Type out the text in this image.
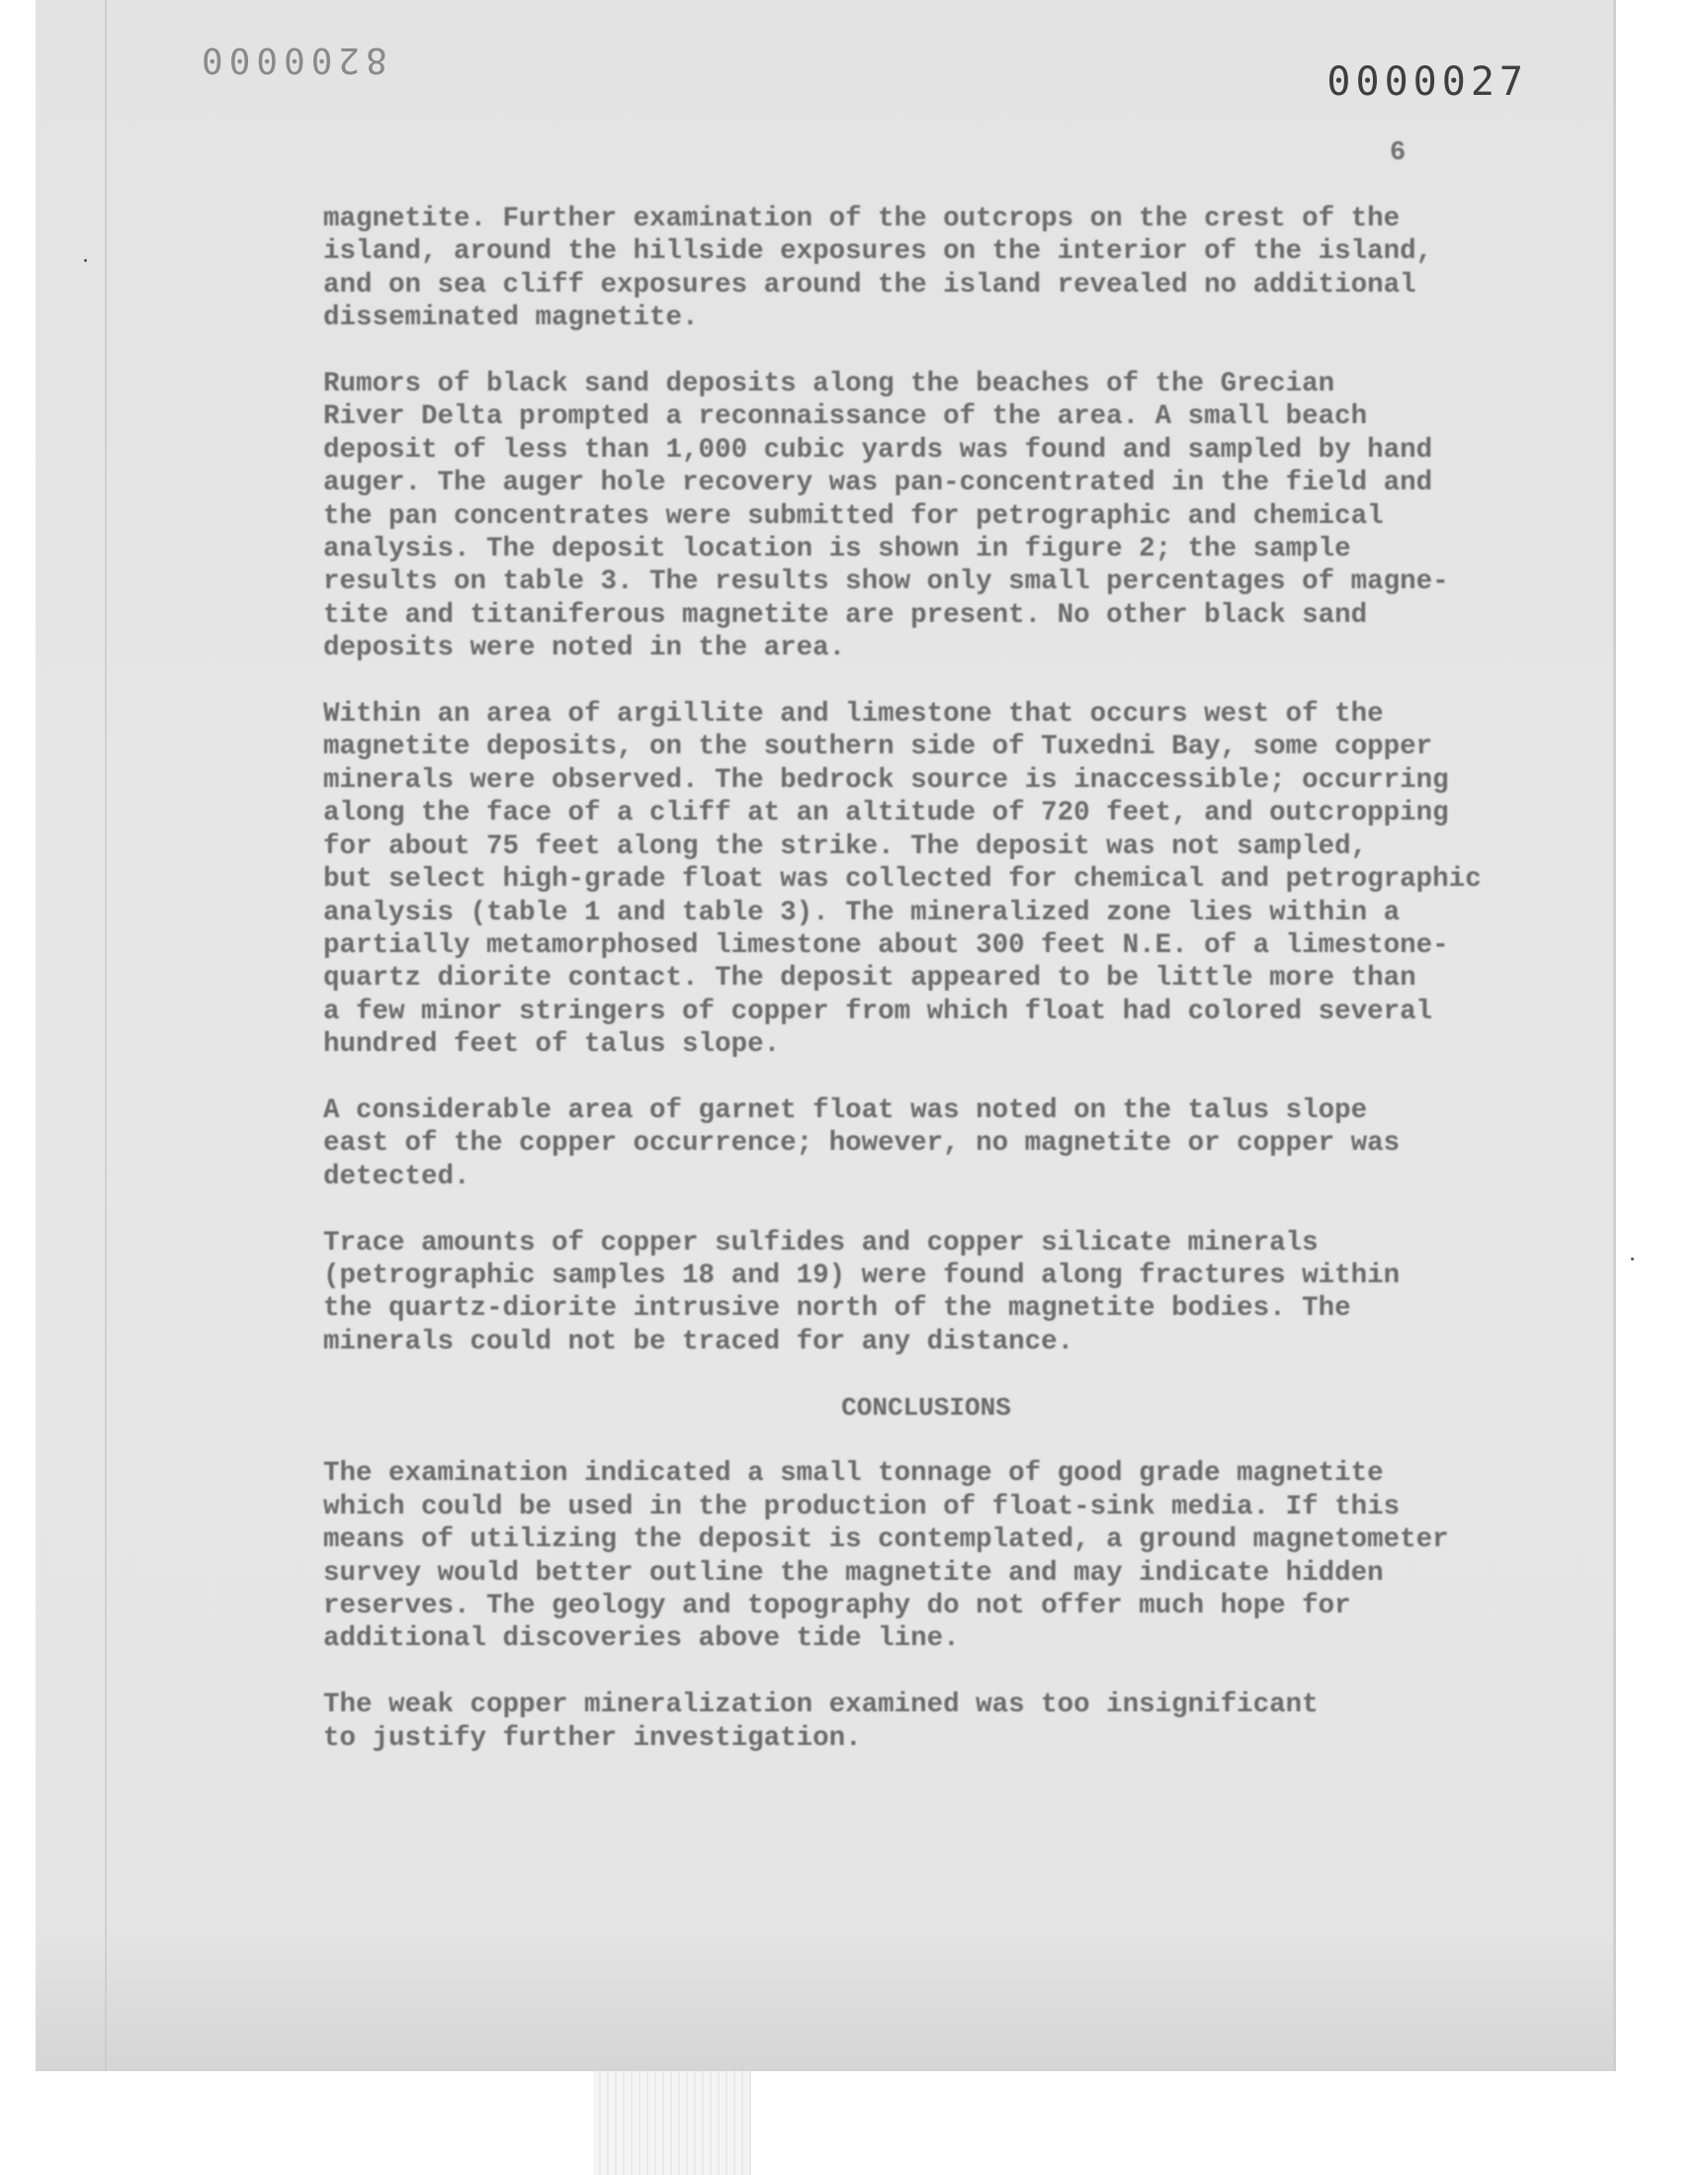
8200000	0000027
6

magnetite. Further examination of the outcrops on the crest of the
island, around the hillside exposures on the interior of the island,
and on sea cliff exposures around the island revealed no additional
disseminated magnetite.

Rumors of black sand deposits along the beaches of the Grecian
River Delta prompted a reconnaissance of the area. A small beach
deposit of less than 1,000 cubic yards was found and sampled by hand
auger. The auger hole recovery was pan-concentrated in the field and
the pan concentrates were submitted for petrographic and chemical
analysis. The deposit location is shown in figure 2; the sample
results on table 3. The results show only small percentages of magne-
tite and titaniferous magnetite are present. No other black sand
deposits were noted in the area.

Within an area of argillite and limestone that occurs west of the
magnetite deposits, on the southern side of Tuxedni Bay, some copper
minerals were observed. The bedrock source is inaccessible; occurring
along the face of a cliff at an altitude of 720 feet, and outcropping
for about 75 feet along the strike. The deposit was not sampled,
but select high-grade float was collected for chemical and petrographic
analysis (table 1 and table 3). The mineralized zone lies within a
partially metamorphosed limestone about 300 feet N.E. of a limestone-
quartz diorite contact. The deposit appeared to be little more than
a few minor stringers of copper from which float had colored several
hundred feet of talus slope.

A considerable area of garnet float was noted on the talus slope
east of the copper occurrence; however, no magnetite or copper was
detected.

Trace amounts of copper sulfides and copper silicate minerals
(petrographic samples 18 and 19) were found along fractures within
the quartz-diorite intrusive north of the magnetite bodies. The
minerals could not be traced for any distance.

CONCLUSIONS

The examination indicated a small tonnage of good grade magnetite
which could be used in the production of float-sink media. If this
means of utilizing the deposit is contemplated, a ground magnetometer
survey would better outline the magnetite and may indicate hidden
reserves. The geology and topography do not offer much hope for
additional discoveries above tide line.

The weak copper mineralization examined was too insignificant
to justify further investigation.
